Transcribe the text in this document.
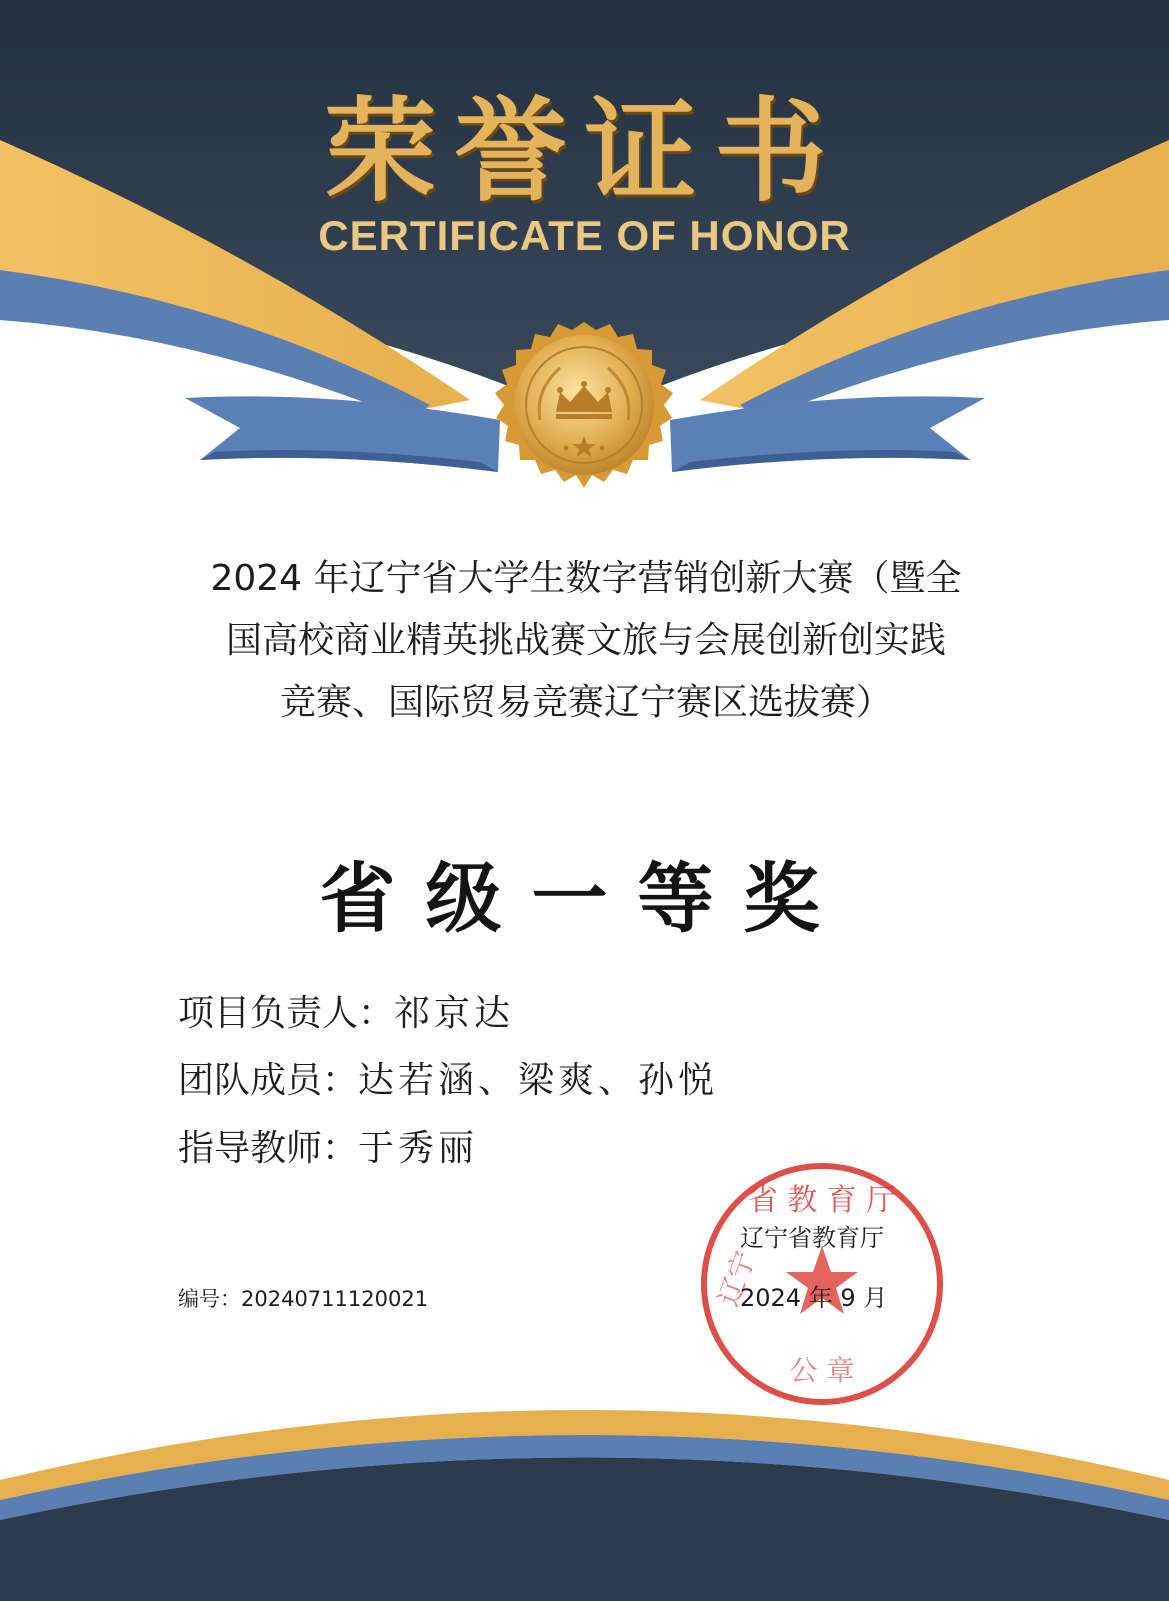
荣誉证书
CERTIFICATE OF HONOR
2024 年辽宁省大学生数字营销创新大赛（暨全
国高校商业精英挑战赛文旅与会展创新创实践
竞赛、国际贸易竞赛辽宁赛区选拔赛）
省级一等奖
项目负责人：祁京达
团队成员：达若涵、梁爽、孙悦
指导教师：于秀丽
编号：20240711120021
省 教 育 厅
辽宁
公 章
辽宁省教育厅
2024 年 9 月
